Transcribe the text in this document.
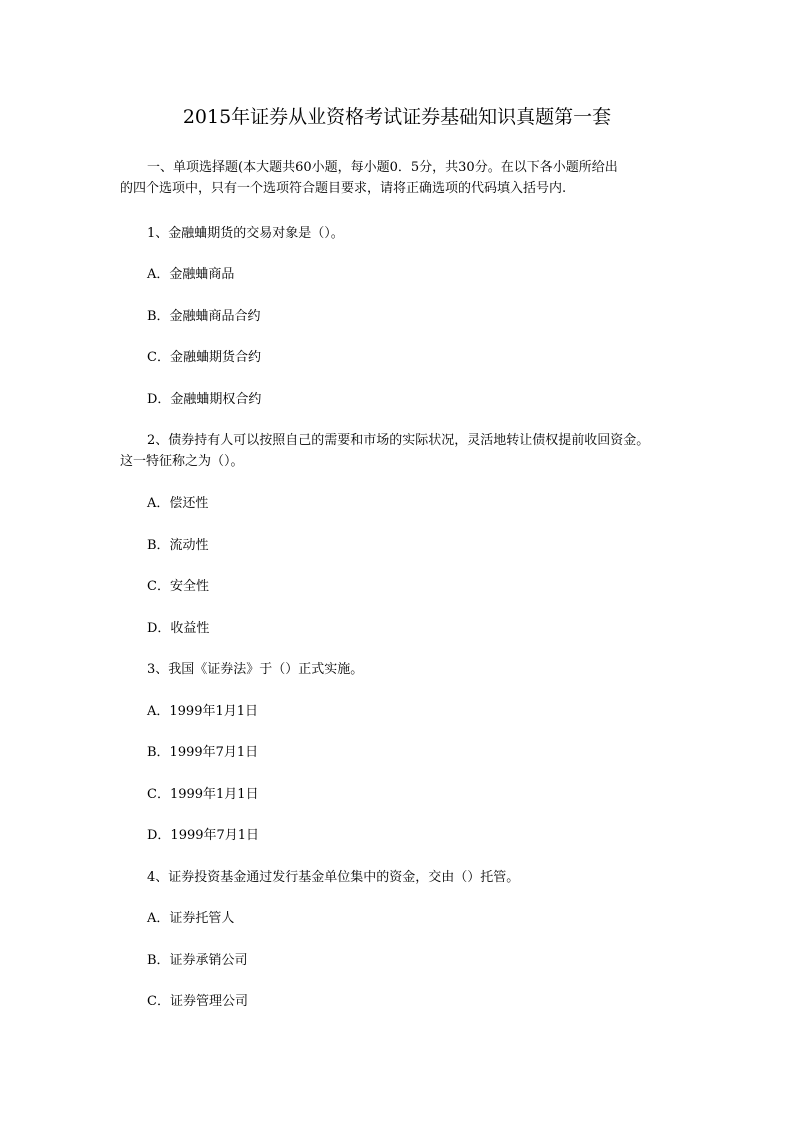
2015年证券从业资格考试证券基础知识真题第一套
一、单项选择题(本大题共60小题，每小题0．5分，共30分。在以下各小题所给出
的四个选项中，只有一个选项符合题目要求，请将正确选项的代码填入括号内.
1、金融蛐期货的交易对象是（）。
A．金融蛐商品
B．金融蛐商品合约
C．金融蛐期货合约
D．金融蛐期权合约
2、债券持有人可以按照自己的需要和市场的实际状况，灵活地转让债权提前收回资金。
这一特征称之为（）。
A．偿还性
B．流动性
C．安全性
D．收益性
3、我国《证券法》于（）正式实施。
A．1999年1月1日
B．1999年7月1日
C．1999年1月1日
D．1999年7月1日
4、证券投资基金通过发行基金单位集中的资金，交由（）托管。
A．证券托管人
B．证券承销公司
C．证券管理公司
